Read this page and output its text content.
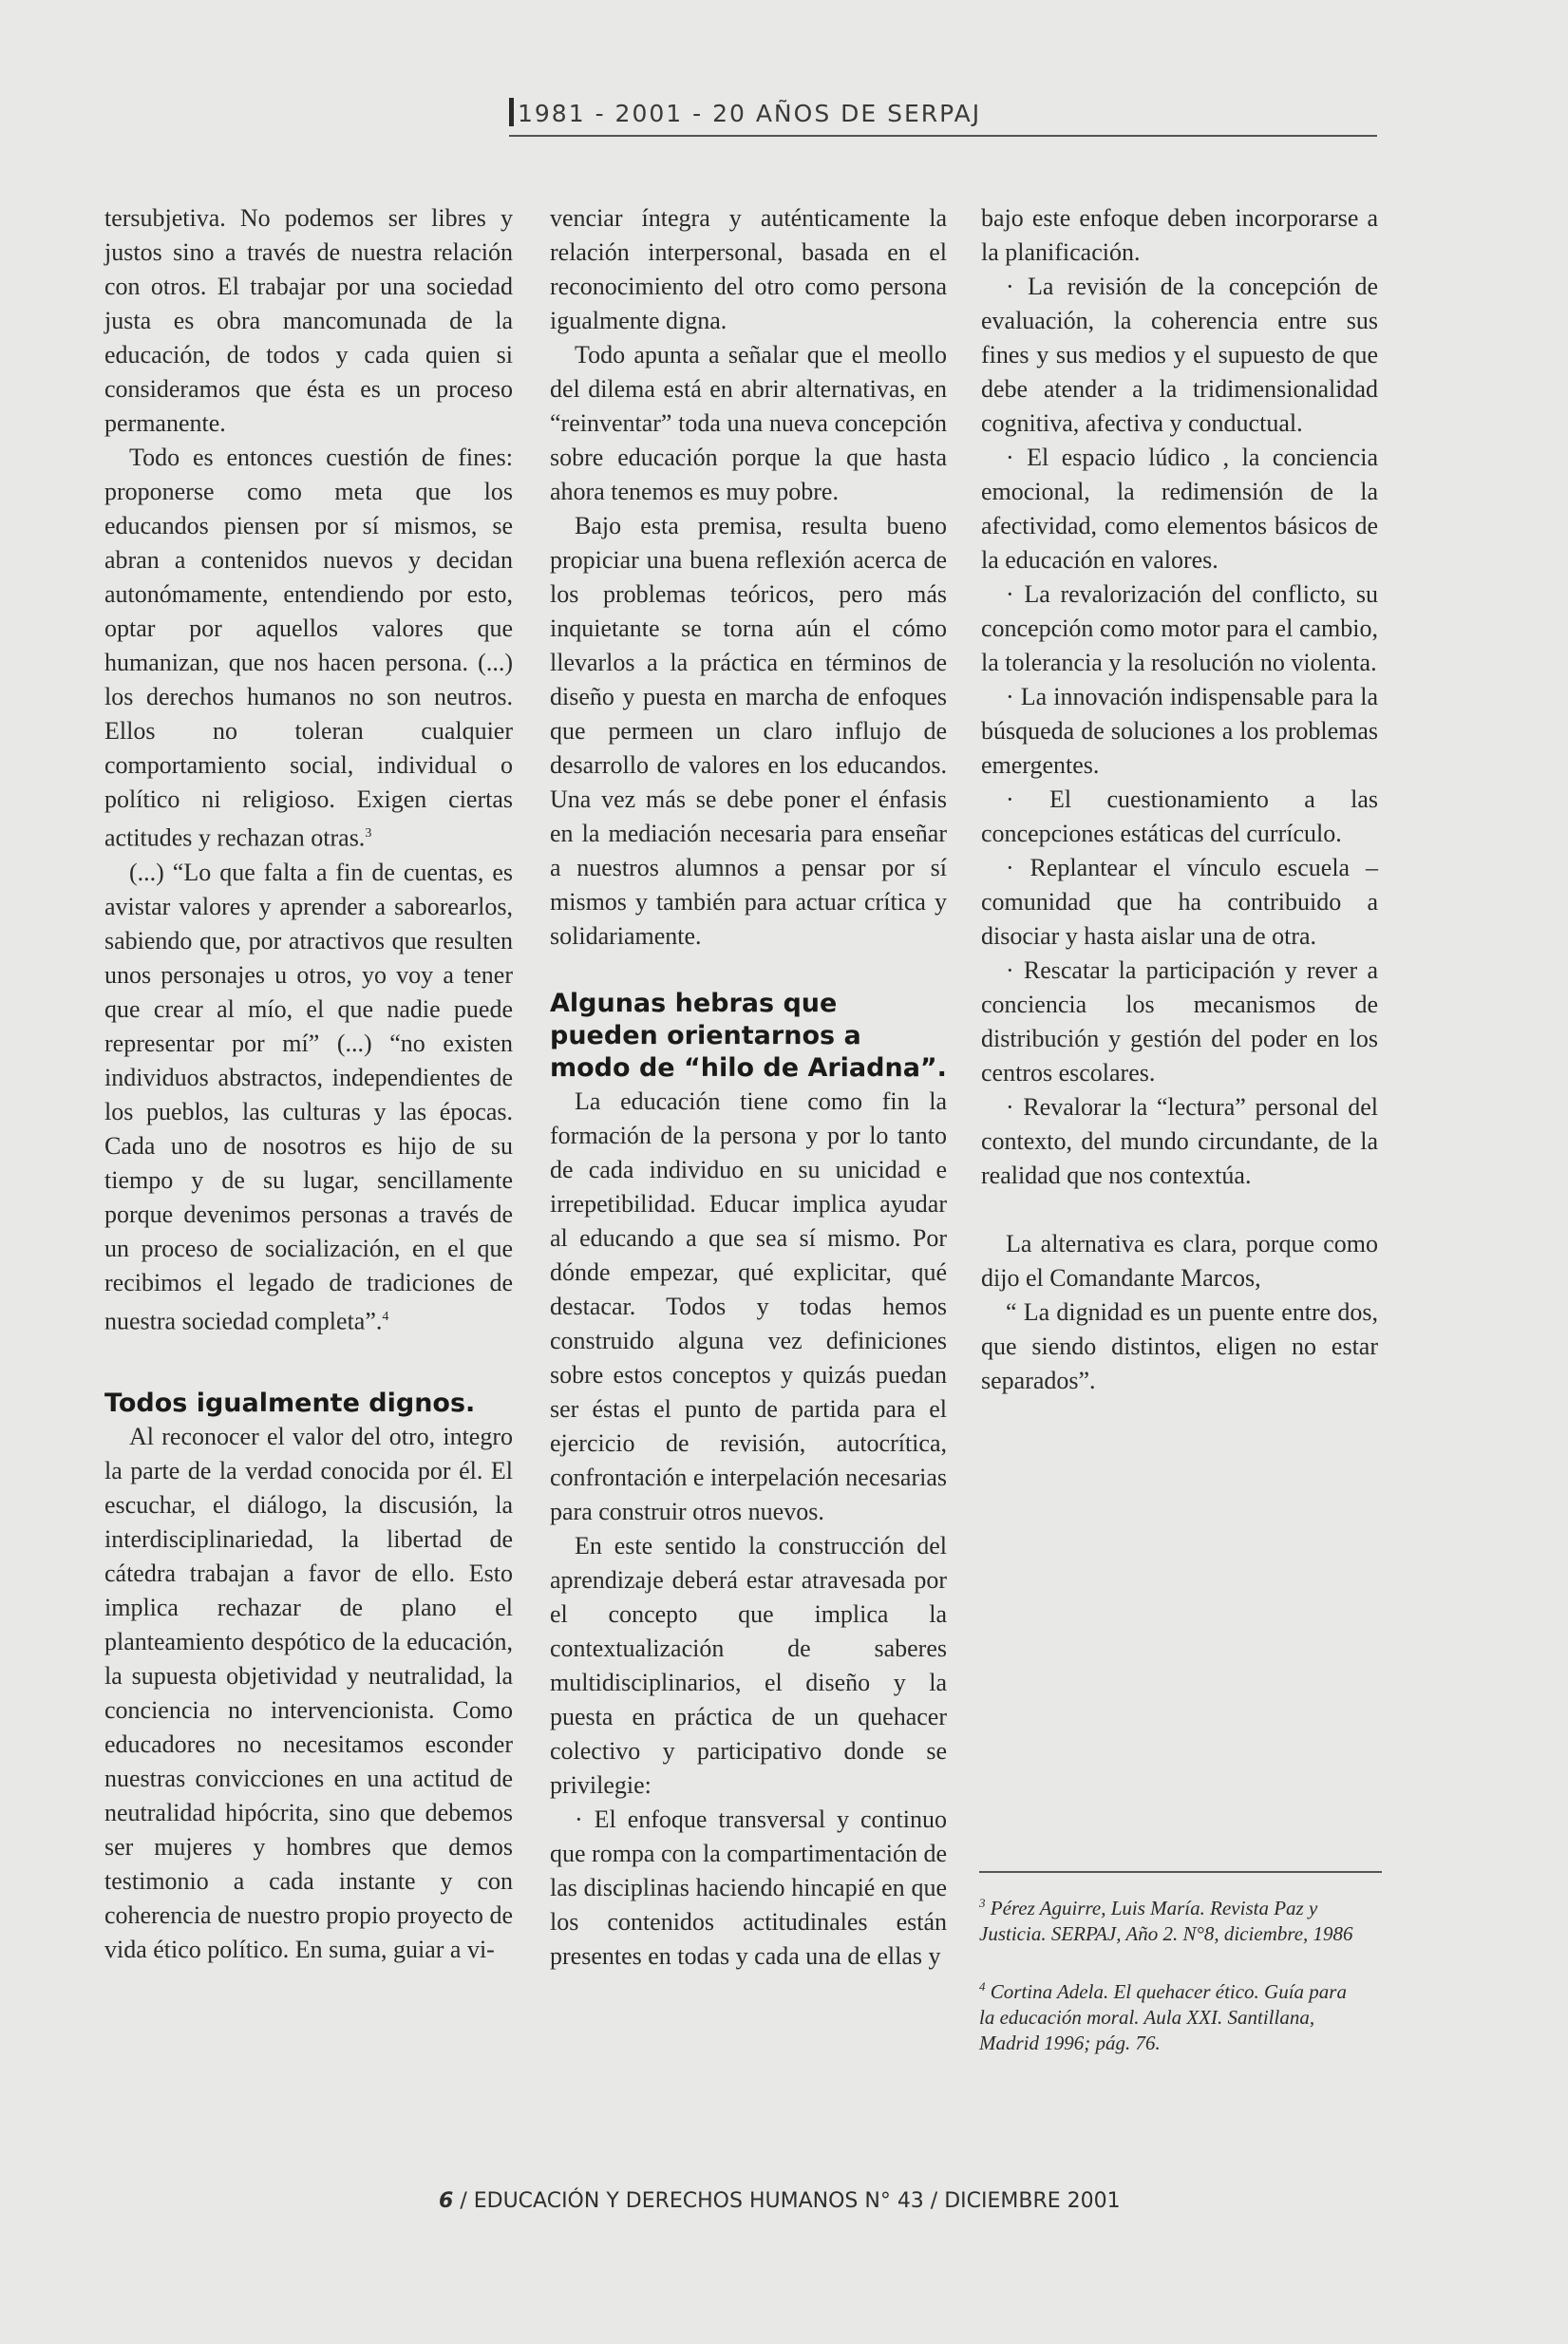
1981 - 2001 - 20 AÑOS DE SERPAJ

tersubjetiva. No podemos ser libres y justos sino a través de nuestra relación con otros. El trabajar por una sociedad justa es obra mancomunada de la educación, de todos y cada quien si consideramos que ésta es un proceso permanente.

Todo es entonces cuestión de fines: proponerse como meta que los educandos piensen por sí mismos, se abran a contenidos nuevos y decidan autonómamente, entendiendo por esto, optar por aquellos valores que humanizan, que nos hacen persona. (...) los derechos humanos no son neutros. Ellos no toleran cualquier comportamiento social, individual o político ni religioso. Exigen ciertas actitudes y rechazan otras.$^3$

(...) “Lo que falta a fin de cuentas, es avistar valores y aprender a saborearlos, sabiendo que, por atractivos que resulten unos personajes u otros, yo voy a tener que crear al mío, el que nadie puede representar por mí” (...) “no existen individuos abstractos, independientes de los pueblos, las culturas y las épocas. Cada uno de nosotros es hijo de su tiempo y de su lugar, sencillamente porque devenimos personas a través de un proceso de socialización, en el que recibimos el legado de tradiciones de nuestra sociedad completa”.$^4$

Todos igualmente dignos.

Al reconocer el valor del otro, integro la parte de la verdad conocida por él. El escuchar, el diálogo, la discusión, la interdisciplinariedad, la libertad de cátedra trabajan a favor de ello. Esto implica rechazar de plano el planteamiento despótico de la educación, la supuesta objetividad y neutralidad, la conciencia no intervencionista. Como educadores no necesitamos esconder nuestras convicciones en una actitud de neutralidad hipócrita, sino que debemos ser mujeres y hombres que demos testimonio a cada instante y con coherencia de nuestro propio proyecto de vida ético político. En suma, guiar a vi-

venciar íntegra y auténticamente la relación interpersonal, basada en el reconocimiento del otro como persona igualmente digna.

Todo apunta a señalar que el meollo del dilema está en abrir alternativas, en “reinventar” toda una nueva concepción sobre educación porque la que hasta ahora tenemos es muy pobre.

Bajo esta premisa, resulta bueno propiciar una buena reflexión acerca de los problemas teóricos, pero más inquietante se torna aún el cómo llevarlos a la práctica en términos de diseño y puesta en marcha de enfoques que permeen un claro influjo de desarrollo de valores en los educandos. Una vez más se debe poner el énfasis en la mediación necesaria para enseñar a nuestros alumnos a pensar por sí mismos y también para actuar crítica y solidariamente.

Algunas hebras que pueden orientarnos a modo de “hilo de Ariadna”.

La educación tiene como fin la formación de la persona y por lo tanto de cada individuo en su unicidad e irrepetibilidad. Educar implica ayudar al educando a que sea sí mismo. Por dónde empezar, qué explicitar, qué destacar. Todos y todas hemos construido alguna vez definiciones sobre estos conceptos y quizás puedan ser éstas el punto de partida para el ejercicio de revisión, autocrítica, confrontación e interpelación necesarias para construir otros nuevos.

En este sentido la construcción del aprendizaje deberá estar atravesada por el concepto que implica la contextualización de saberes multidisciplinarios, el diseño y la puesta en práctica de un quehacer colectivo y participativo donde se privilegie:

· El enfoque transversal y continuo que rompa con la compartimentación de las disciplinas haciendo hincapié en que los contenidos actitudinales están presentes en todas y cada una de ellas y

bajo este enfoque deben incorporarse a la planificación.

· La revisión de la concepción de evaluación, la coherencia entre sus fines y sus medios y el supuesto de que debe atender a la tridimensionalidad cognitiva, afectiva y conductual.

· El espacio lúdico , la conciencia emocional, la redimensión de la afectividad, como elementos básicos de la educación en valores.

· La revalorización del conflicto, su concepción como motor para el cambio, la tolerancia y la resolución no violenta.

· La innovación indispensable para la búsqueda de soluciones a los problemas emergentes.

· El cuestionamiento a las concepciones estáticas del currículo.

· Replantear el vínculo escuela – comunidad que ha contribuido a disociar y hasta aislar una de otra.

· Rescatar la participación y rever a conciencia los mecanismos de distribución y gestión del poder en los centros escolares.

· Revalorar la “lectura” personal del contexto, del mundo circundante, de la realidad que nos contextúa.

La alternativa es clara, porque como dijo el Comandante Marcos,

“ La dignidad es un puente entre dos, que siendo distintos, eligen no estar separados”.

$^3$ Pérez Aguirre, Luis María. Revista Paz y Justicia. SERPAJ, Año 2. N°8, diciembre, 1986

$^4$ Cortina Adela. El quehacer ético. Guía para la educación moral. Aula XXI. Santillana, Madrid 1996; pág. 76.

6 / EDUCACIÓN Y DERECHOS HUMANOS N° 43 / DICIEMBRE 2001
